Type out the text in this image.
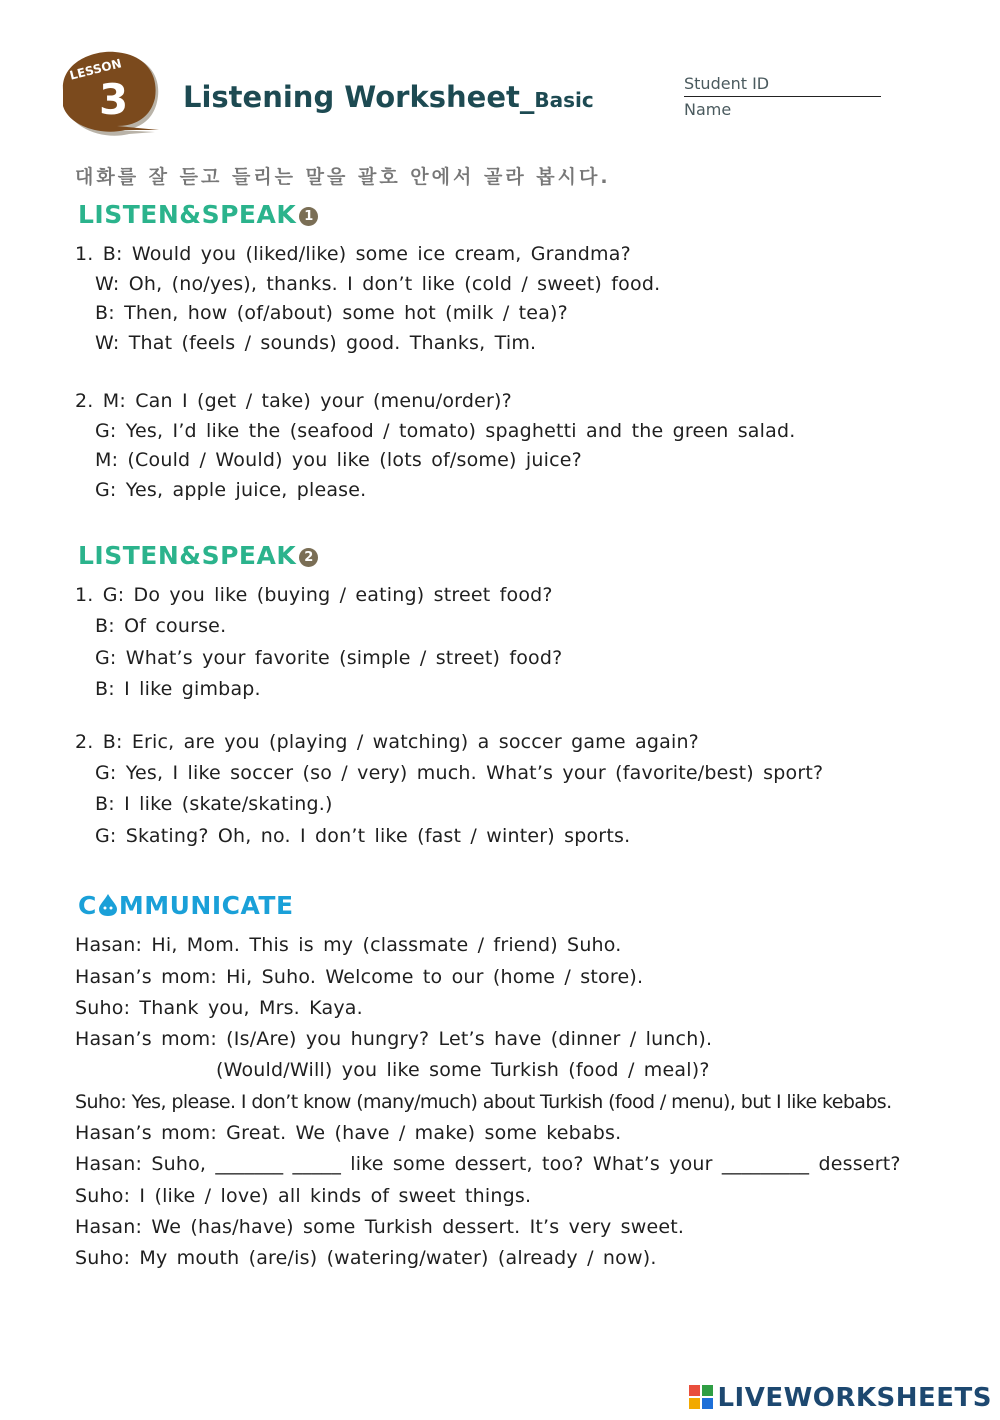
LESSON
3 Listening Worksheet_Basic
Student ID
Name
대화를 잘 듣고 들리는 말을 괄호 안에서 골라 봅시다.
LISTEN&SPEAK 1
1. B: Would you (liked/like) some ice cream, Grandma?
W: Oh, (no/yes), thanks. I don’t like (cold / sweet) food.
B: Then, how (of/about) some hot (milk / tea)?
W: That (feels / sounds) good. Thanks, Tim.
2. M: Can I (get / take) your (menu/order)?
G: Yes, I’d like the (seafood / tomato) spaghetti and the green salad.
M: (Could / Would) you like (lots of/some) juice?
G: Yes, apple juice, please.
LISTEN&SPEAK 2
1. G: Do you like (buying / eating) street food?
B: Of course.
G: What’s your favorite (simple / street) food?
B: I like gimbap.
2. B: Eric, are you (playing / watching) a soccer game again?
G: Yes, I like soccer (so / very) much. What’s your (favorite/best) sport?
B: I like (skate/skating.)
G: Skating? Oh, no. I don’t like (fast / winter) sports.
C MMUNICATE
Hasan: Hi, Mom. This is my (classmate / friend) Suho.
Hasan’s mom: Hi, Suho. Welcome to our (home / store).
Suho: Thank you, Mrs. Kaya.
Hasan’s mom: (Is/Are) you hungry? Let’s have (dinner / lunch).
(Would/Will) you like some Turkish (food / meal)?
Suho: Yes, please. I don’t know (many/much) about Turkish (food / menu), but I like kebabs.
Hasan’s mom: Great. We (have / make) some kebabs.
Hasan: Suho, _______ _____ like some dessert, too? What’s your _________ dessert?
Suho: I (like / love) all kinds of sweet things.
Hasan: We (has/have) some Turkish dessert. It’s very sweet.
Suho: My mouth (are/is) (watering/water) (already / now).
LIVEWORKSHEETS
